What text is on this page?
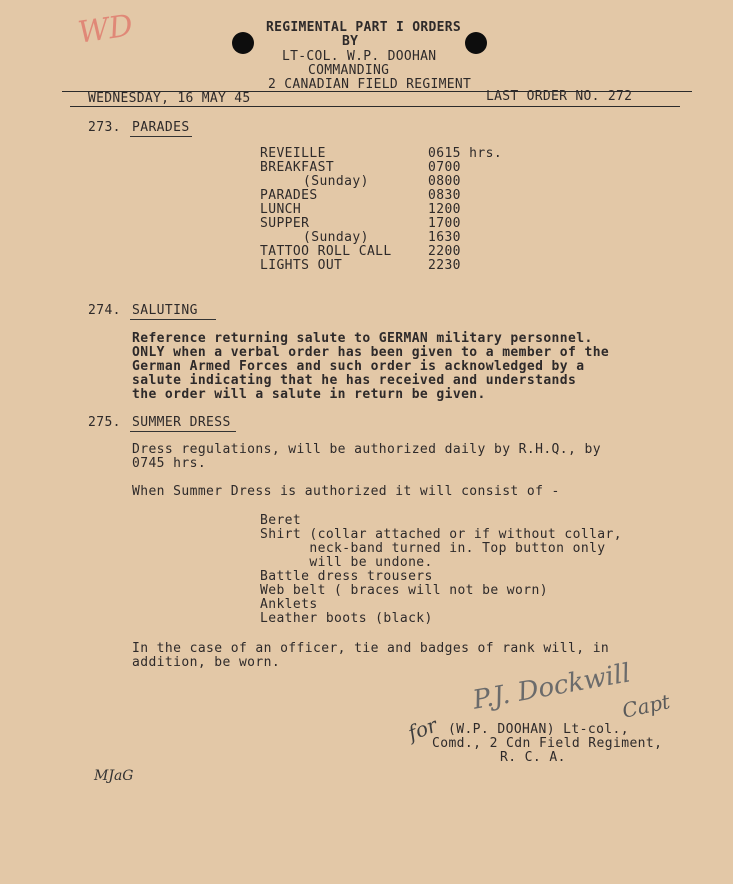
WD	REGIMENTAL PART I ORDERS
BY
LT-COL. W.P. DOOHAN
COMMANDING
2 CANADIAN FIELD REGIMENT
WEDNESDAY, 16 MAY 45	LAST ORDER NO. 272
273. PARADES
REVEILLE	0615 hrs.
BREAKFAST	0700
(Sunday)	0800
PARADES	0830
LUNCH	1200
SUPPER	1700
(Sunday)	1630
TATTOO ROLL CALL	2200
LIGHTS OUT	2230
274. SALUTING
Reference returning salute to GERMAN military personnel.
ONLY when a verbal order has been given to a member of the
German Armed Forces and such order is acknowledged by a
salute indicating that he has received and understands
the order will a salute in return be given.
275. SUMMER DRESS
Dress regulations, will be authorized daily by R.H.Q., by
0745 hrs.
When Summer Dress is authorized it will consist of -
Beret
Shirt (collar attached or if without collar,
neck-band turned in. Top button only
will be undone.
Battle dress trousers
Web belt ( braces will not be worn)
Anklets
Leather boots (black)
In the case of an officer, tie and badges of rank will, in
addition, be worn.	P.J. Dockwill
Capt
for (W.P. DOOHAN) Lt-col.,
Comd., 2 Cdn Field Regiment,
R. C. A.
MJaG
